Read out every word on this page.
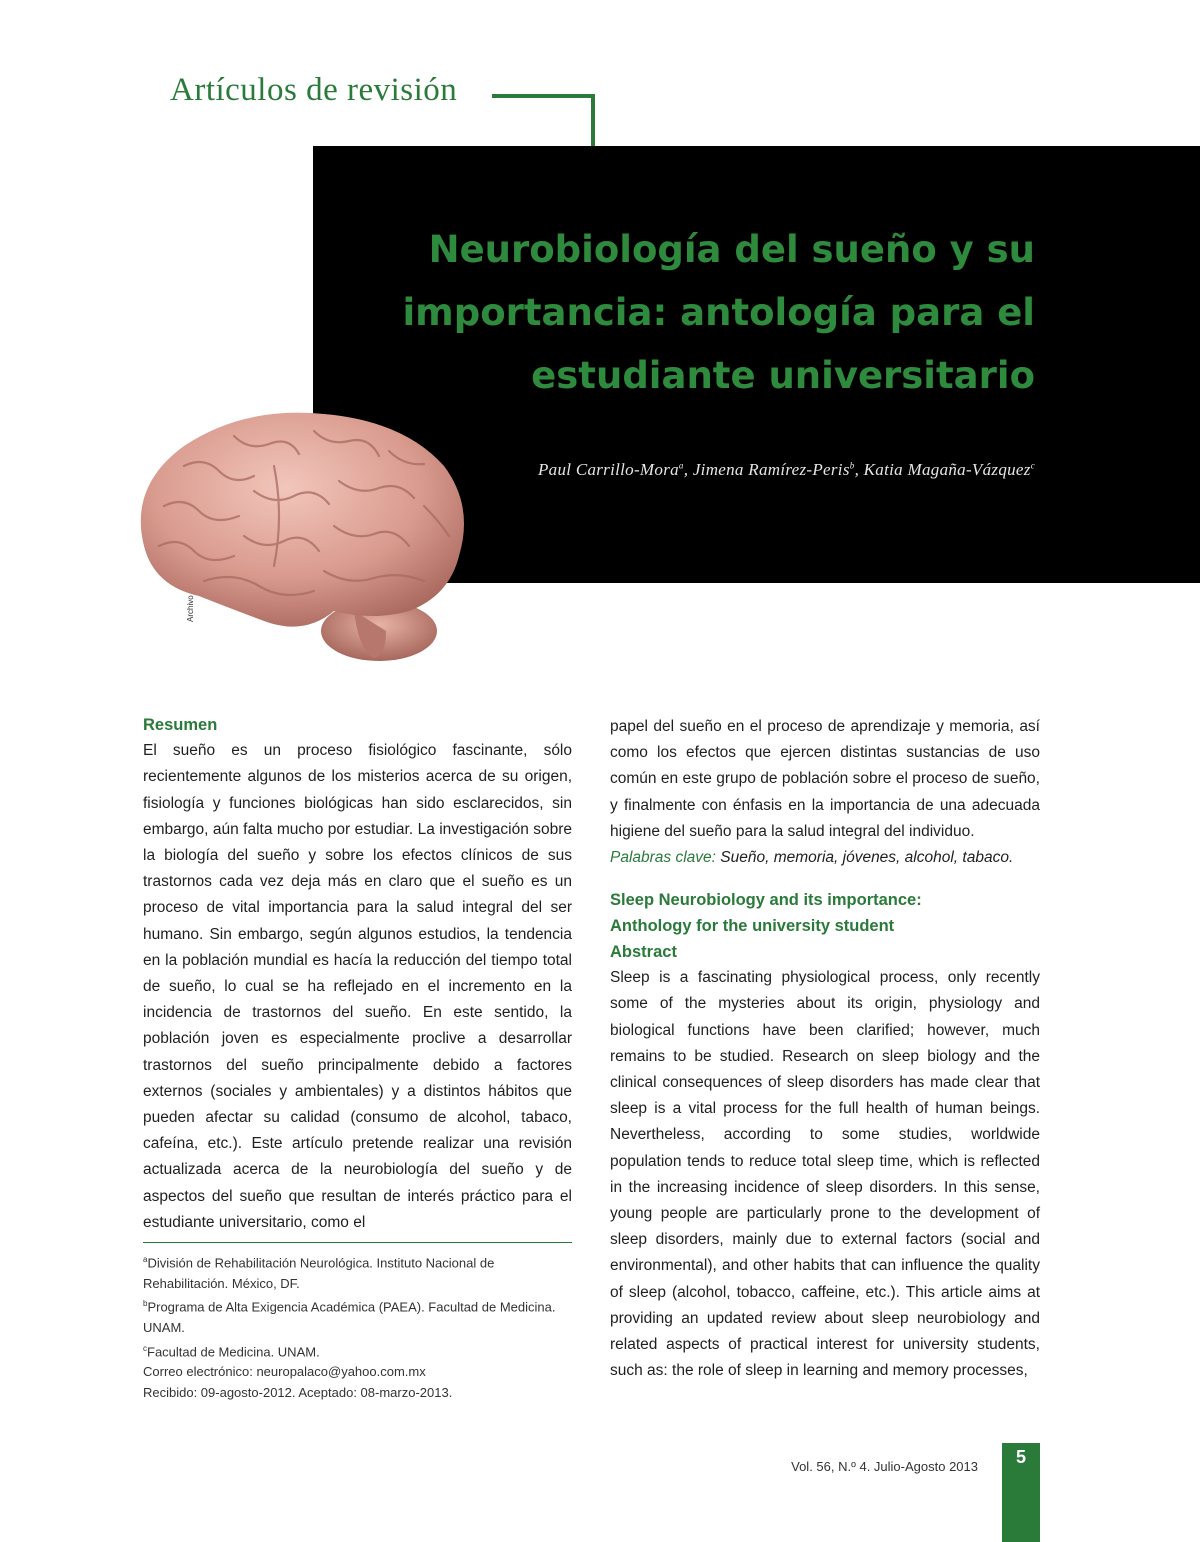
Artículos de revisión
Neurobiología del sueño y su importancia: antología para el estudiante universitario
Paul Carrillo-Mora$^a$, Jimena Ramírez-Peris$^b$, Katia Magaña-Vázquez$^c$
Archivo
Resumen

El sueño es un proceso fisiológico fascinante, sólo recientemente algunos de los misterios acerca de su origen, fisiología y funciones biológicas han sido esclarecidos, sin embargo, aún falta mucho por estudiar. La investigación sobre la biología del sueño y sobre los efectos clínicos de sus trastornos cada vez deja más en claro que el sueño es un proceso de vital importancia para la salud integral del ser humano. Sin embargo, según algunos estudios, la tendencia en la población mundial es hacía la reducción del tiempo total de sueño, lo cual se ha reflejado en el incremento en la incidencia de trastornos del sueño. En este sentido, la población joven es especialmente proclive a desarrollar trastornos del sueño principalmente debido a factores externos (sociales y ambientales) y a distintos hábitos que pueden afectar su calidad (consumo de alcohol, tabaco, cafeína, etc.). Este artículo pretende realizar una revisión actualizada acerca de la neurobiología del sueño y de aspectos del sueño que resultan de interés práctico para el estudiante universitario, como el

$^a$División de Rehabilitación Neurológica. Instituto Nacional de Rehabilitación. México, DF.
$^b$Programa de Alta Exigencia Académica (PAEA). Facultad de Medicina. UNAM.
$^c$Facultad de Medicina. UNAM.
Correo electrónico: neuropalaco@yahoo.com.mx
Recibido: 09-agosto-2012. Aceptado: 08-marzo-2013.

papel del sueño en el proceso de aprendizaje y memoria, así como los efectos que ejercen distintas sustancias de uso común en este grupo de población sobre el proceso de sueño, y finalmente con énfasis en la importancia de una adecuada higiene del sueño para la salud integral del individuo.

Palabras clave: Sueño, memoria, jóvenes, alcohol, tabaco.

Sleep Neurobiology and its importance:
Anthology for the university student
Abstract

Sleep is a fascinating physiological process, only recently some of the mysteries about its origin, physiology and biological functions have been clarified; however, much remains to be studied. Research on sleep biology and the clinical consequences of sleep disorders has made clear that sleep is a vital process for the full health of human beings. Nevertheless, according to some studies, worldwide population tends to reduce total sleep time, which is reflected in the increasing incidence of sleep disorders. In this sense, young people are particularly prone to the development of sleep disorders, mainly due to external factors (social and environmental), and other habits that can influence the quality of sleep (alcohol, tobacco, caffeine, etc.). This article aims at providing an updated review about sleep neurobiology and related aspects of practical interest for university students, such as: the role of sleep in learning and memory processes,

Vol. 56, N.º 4. Julio-Agosto 2013	5
